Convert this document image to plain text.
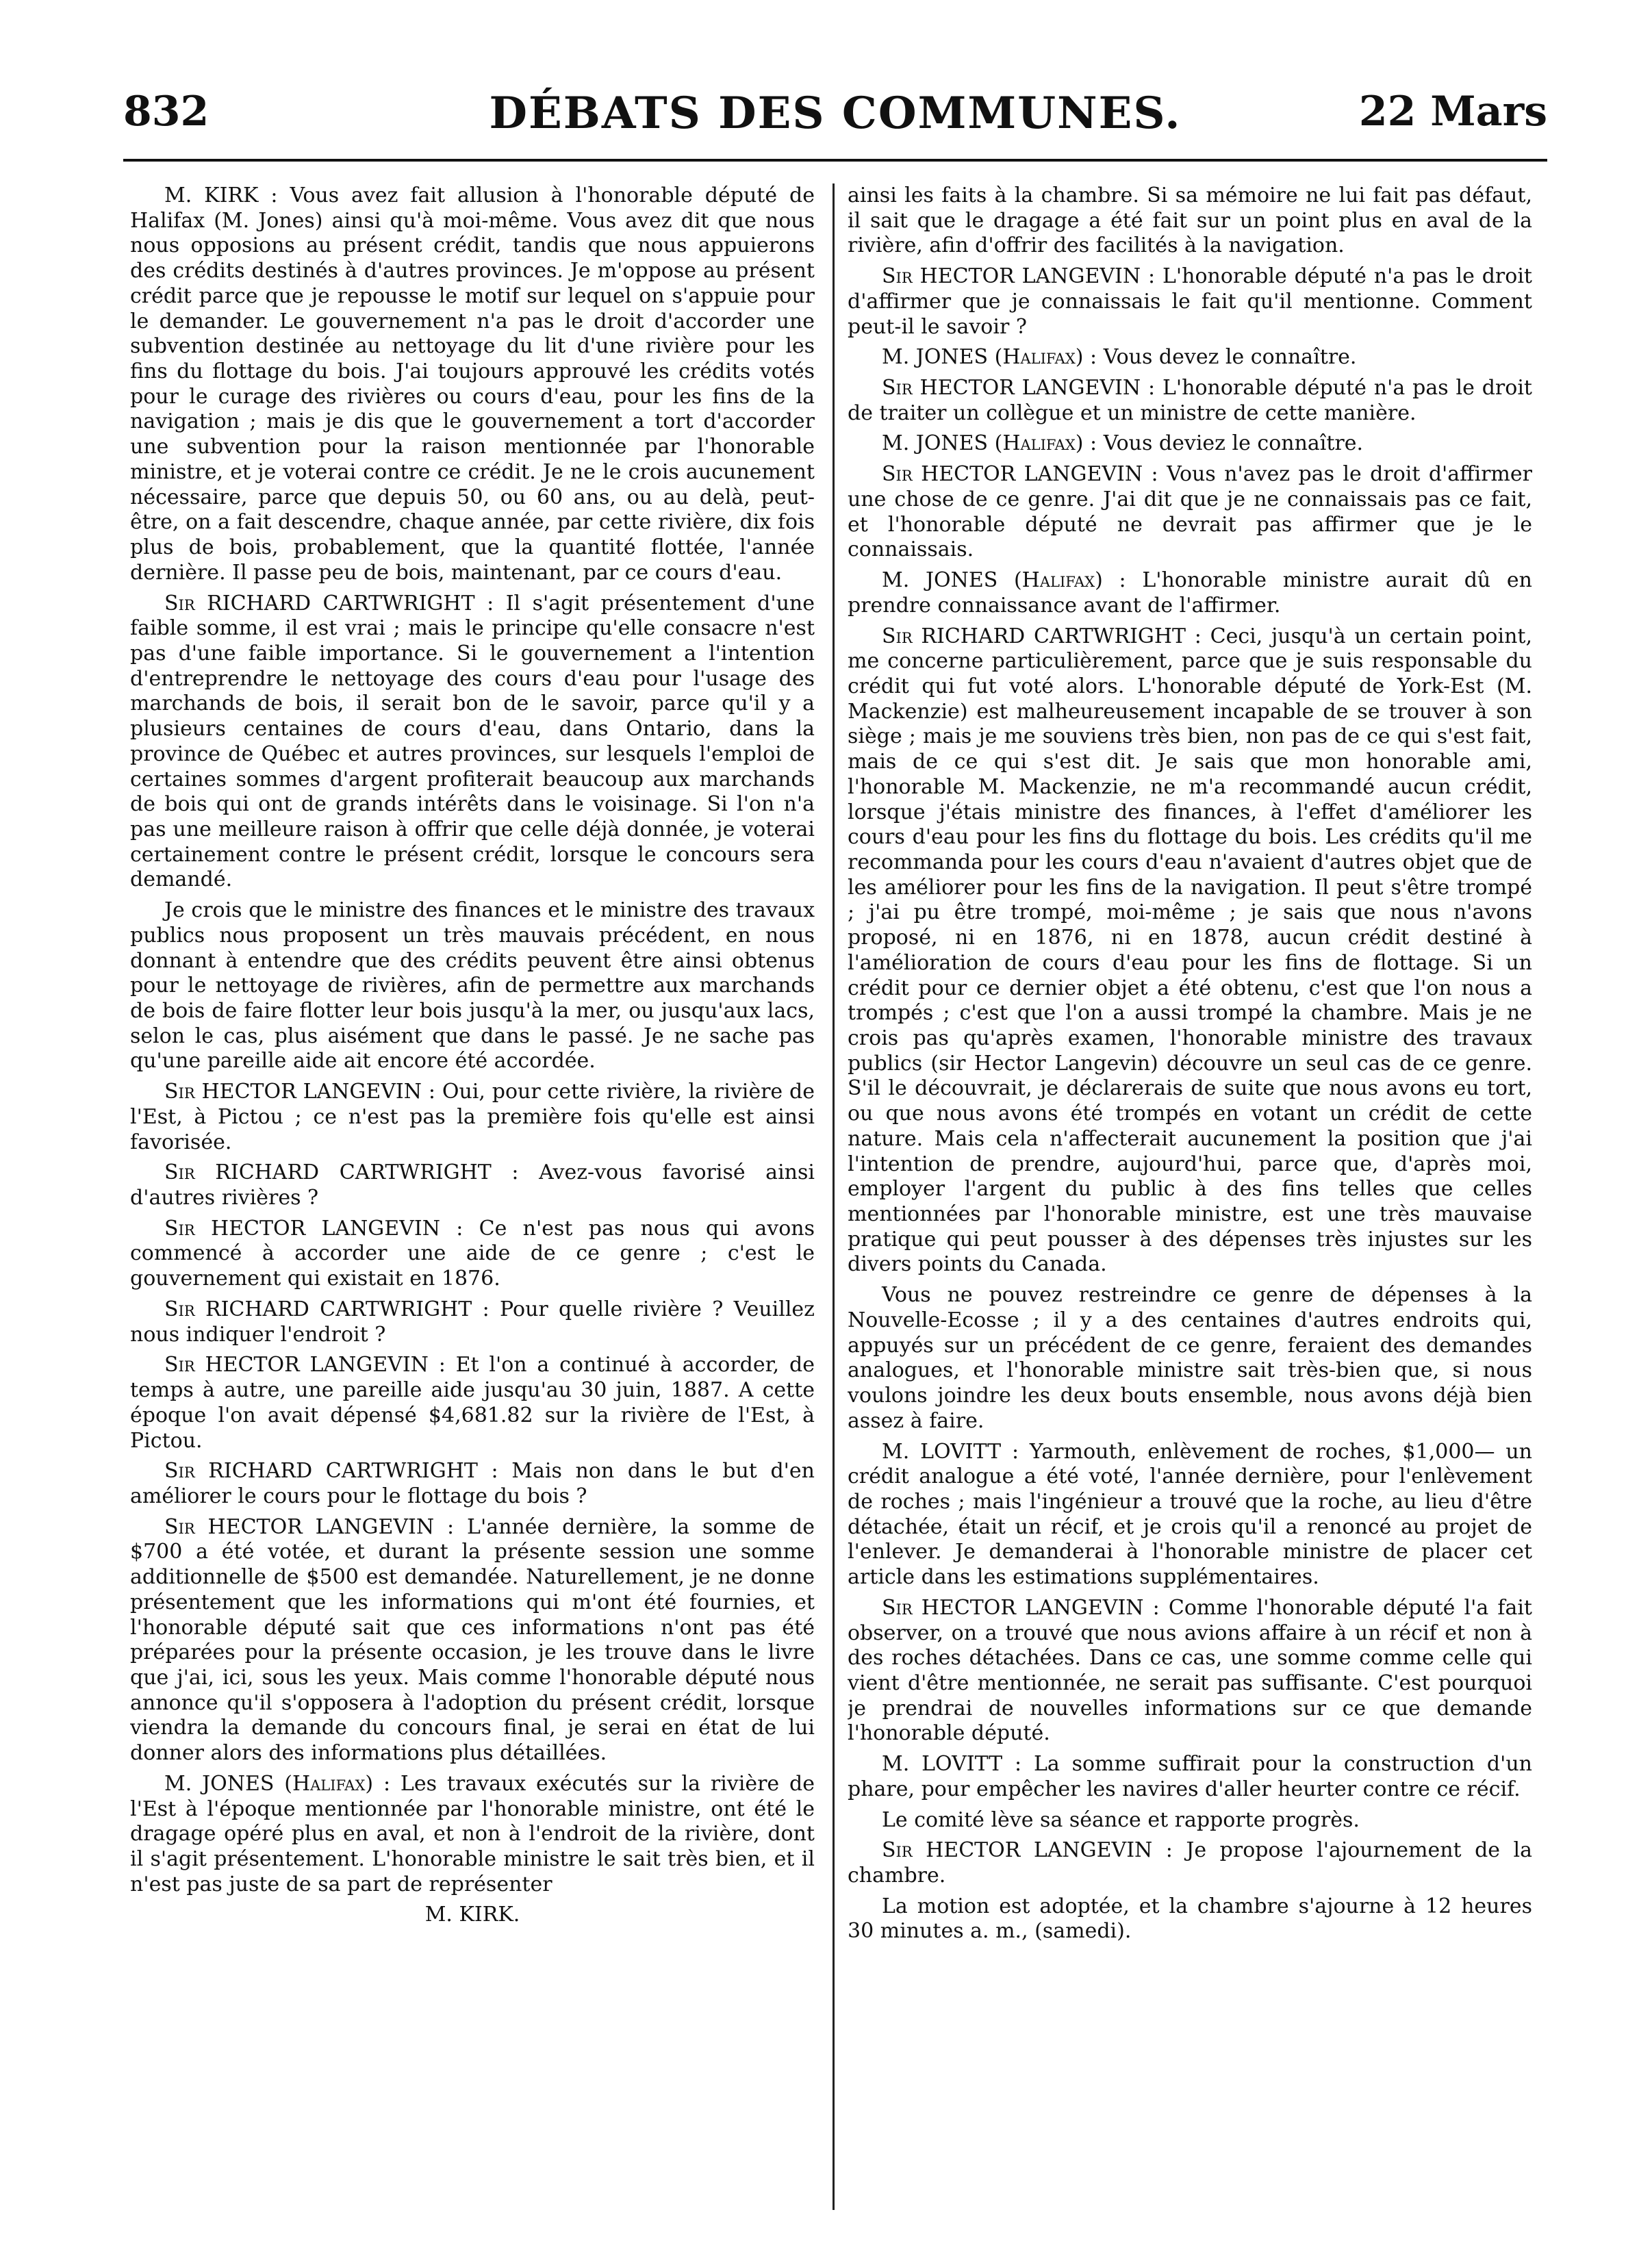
832	DÉBATS DES COMMUNES.	22 Mars

M. KIRK : Vous avez fait allusion à l'honorable député de Halifax (M. Jones) ainsi qu'à moi-même. Vous avez dit que nous nous opposions au présent crédit, tandis que nous appuierons des crédits destinés à d'autres provinces. Je m'oppose au présent crédit parce que je repousse le motif sur lequel on s'appuie pour le demander. Le gouvernement n'a pas le droit d'accorder une subvention destinée au nettoyage du lit d'une rivière pour les fins du flottage du bois. J'ai toujours approuvé les crédits votés pour le curage des rivières ou cours d'eau, pour les fins de la navigation ; mais je dis que le gouvernement a tort d'accorder une subvention pour la raison mentionnée par l'honorable ministre, et je voterai contre ce crédit. Je ne le crois aucunement nécessaire, parce que depuis 50, ou 60 ans, ou au delà, peut-être, on a fait descendre, chaque année, par cette rivière, dix fois plus de bois, probablement, que la quantité flottée, l'année dernière. Il passe peu de bois, maintenant, par ce cours d'eau.

Sir RICHARD CARTWRIGHT : Il s'agit présentement d'une faible somme, il est vrai ; mais le principe qu'elle consacre n'est pas d'une faible importance. Si le gouvernement a l'intention d'entreprendre le nettoyage des cours d'eau pour l'usage des marchands de bois, il serait bon de le savoir, parce qu'il y a plusieurs centaines de cours d'eau, dans Ontario, dans la province de Québec et autres provinces, sur lesquels l'emploi de certaines sommes d'argent profiterait beaucoup aux marchands de bois qui ont de grands intérêts dans le voisinage. Si l'on n'a pas une meilleure raison à offrir que celle déjà donnée, je voterai certainement contre le présent crédit, lorsque le concours sera demandé.

Je crois que le ministre des finances et le ministre des travaux publics nous proposent un très mauvais précédent, en nous donnant à entendre que des crédits peuvent être ainsi obtenus pour le nettoyage de rivières, afin de permettre aux marchands de bois de faire flotter leur bois jusqu'à la mer, ou jusqu'aux lacs, selon le cas, plus aisément que dans le passé. Je ne sache pas qu'une pareille aide ait encore été accordée.

Sir HECTOR LANGEVIN : Oui, pour cette rivière, la rivière de l'Est, à Pictou ; ce n'est pas la première fois qu'elle est ainsi favorisée.

Sir RICHARD CARTWRIGHT : Avez-vous favorisé ainsi d'autres rivières ?

Sir HECTOR LANGEVIN : Ce n'est pas nous qui avons commencé à accorder une aide de ce genre ; c'est le gouvernement qui existait en 1876.

Sir RICHARD CARTWRIGHT : Pour quelle rivière ? Veuillez nous indiquer l'endroit ?

Sir HECTOR LANGEVIN : Et l'on a continué à accorder, de temps à autre, une pareille aide jusqu'au 30 juin, 1887. A cette époque l'on avait dépensé $4,681.82 sur la rivière de l'Est, à Pictou.

Sir RICHARD CARTWRIGHT : Mais non dans le but d'en améliorer le cours pour le flottage du bois ?

Sir HECTOR LANGEVIN : L'année dernière, la somme de $700 a été votée, et durant la présente session une somme additionnelle de $500 est demandée. Naturellement, je ne donne présentement que les informations qui m'ont été fournies, et l'honorable député sait que ces informations n'ont pas été préparées pour la présente occasion, je les trouve dans le livre que j'ai, ici, sous les yeux. Mais comme l'honorable député nous annonce qu'il s'opposera à l'adoption du présent crédit, lorsque viendra la demande du concours final, je serai en état de lui donner alors des informations plus détaillées.

M. JONES (Halifax) : Les travaux exécutés sur la rivière de l'Est à l'époque mentionnée par l'honorable ministre, ont été le dragage opéré plus en aval, et non à l'endroit de la rivière, dont il s'agit présentement. L'honorable ministre le sait très bien, et il n'est pas juste de sa part de représenter

M. KIRK.

ainsi les faits à la chambre. Si sa mémoire ne lui fait pas défaut, il sait que le dragage a été fait sur un point plus en aval de la rivière, afin d'offrir des facilités à la navigation.

Sir HECTOR LANGEVIN : L'honorable député n'a pas le droit d'affirmer que je connaissais le fait qu'il mentionne. Comment peut-il le savoir ?

M. JONES (Halifax) : Vous devez le connaître.

Sir HECTOR LANGEVIN : L'honorable député n'a pas le droit de traiter un collègue et un ministre de cette manière.

M. JONES (Halifax) : Vous deviez le connaître.

Sir HECTOR LANGEVIN : Vous n'avez pas le droit d'affirmer une chose de ce genre. J'ai dit que je ne connaissais pas ce fait, et l'honorable député ne devrait pas affirmer que je le connaissais.

M. JONES (Halifax) : L'honorable ministre aurait dû en prendre connaissance avant de l'affirmer.

Sir RICHARD CARTWRIGHT : Ceci, jusqu'à un certain point, me concerne particulièrement, parce que je suis responsable du crédit qui fut voté alors. L'honorable député de York-Est (M. Mackenzie) est malheureusement incapable de se trouver à son siège ; mais je me souviens très bien, non pas de ce qui s'est fait, mais de ce qui s'est dit. Je sais que mon honorable ami, l'honorable M. Mackenzie, ne m'a recommandé aucun crédit, lorsque j'étais ministre des finances, à l'effet d'améliorer les cours d'eau pour les fins du flottage du bois. Les crédits qu'il me recommanda pour les cours d'eau n'avaient d'autres objet que de les améliorer pour les fins de la navigation. Il peut s'être trompé ; j'ai pu être trompé, moi-même ; je sais que nous n'avons proposé, ni en 1876, ni en 1878, aucun crédit destiné à l'amélioration de cours d'eau pour les fins de flottage. Si un crédit pour ce dernier objet a été obtenu, c'est que l'on nous a trompés ; c'est que l'on a aussi trompé la chambre. Mais je ne crois pas qu'après examen, l'honorable ministre des travaux publics (sir Hector Langevin) découvre un seul cas de ce genre. S'il le découvrait, je déclarerais de suite que nous avons eu tort, ou que nous avons été trompés en votant un crédit de cette nature. Mais cela n'affecterait aucunement la position que j'ai l'intention de prendre, aujourd'hui, parce que, d'après moi, employer l'argent du public à des fins telles que celles mentionnées par l'honorable ministre, est une très mauvaise pratique qui peut pousser à des dépenses très injustes sur les divers points du Canada.

Vous ne pouvez restreindre ce genre de dépenses à la Nouvelle-Ecosse ; il y a des centaines d'autres endroits qui, appuyés sur un précédent de ce genre, feraient des demandes analogues, et l'honorable ministre sait très-bien que, si nous voulons joindre les deux bouts ensemble, nous avons déjà bien assez à faire.

M. LOVITT : Yarmouth, enlèvement de roches, $1,000— un crédit analogue a été voté, l'année dernière, pour l'enlèvement de roches ; mais l'ingénieur a trouvé que la roche, au lieu d'être détachée, était un récif, et je crois qu'il a renoncé au projet de l'enlever. Je demanderai à l'honorable ministre de placer cet article dans les estimations supplémentaires.

Sir HECTOR LANGEVIN : Comme l'honorable député l'a fait observer, on a trouvé que nous avions affaire à un récif et non à des roches détachées. Dans ce cas, une somme comme celle qui vient d'être mentionnée, ne serait pas suffisante. C'est pourquoi je prendrai de nouvelles informations sur ce que demande l'honorable député.

M. LOVITT : La somme suffirait pour la construction d'un phare, pour empêcher les navires d'aller heurter contre ce récif.

Le comité lève sa séance et rapporte progrès.

Sir HECTOR LANGEVIN : Je propose l'ajournement de la chambre.

La motion est adoptée, et la chambre s'ajourne à 12 heures 30 minutes a. m., (samedi).
